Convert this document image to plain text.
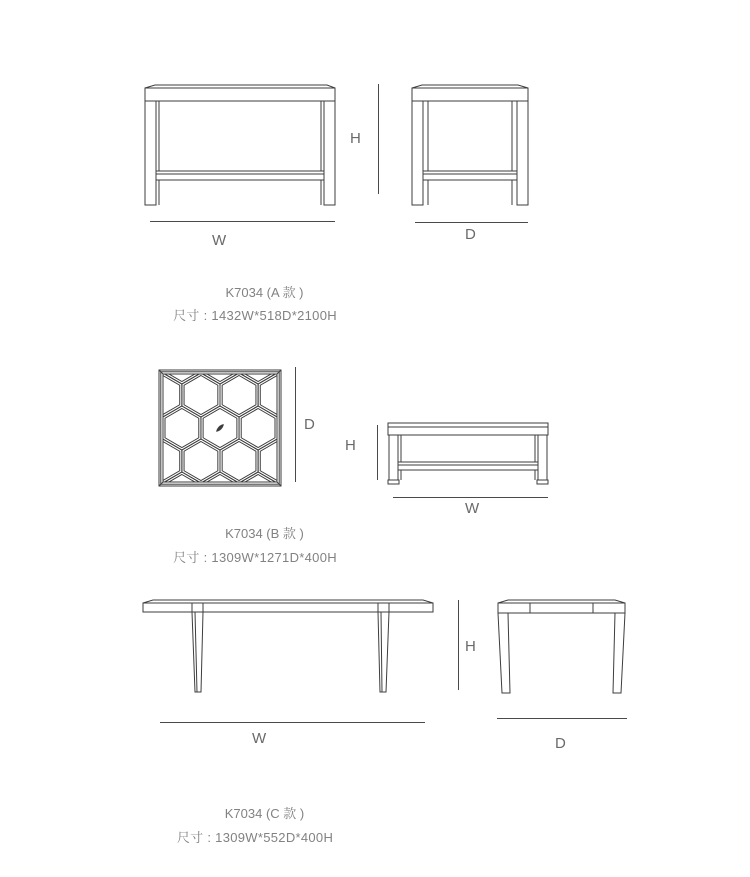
W
H
D
K7034 (A 款 )
尺寸 : 1432W*518D*2100H
D
H
W
K7034 (B 款 )
尺寸 : 1309W*1271D*400H
W
H
D
K7034 (C 款 )
尺寸 : 1309W*552D*400H
